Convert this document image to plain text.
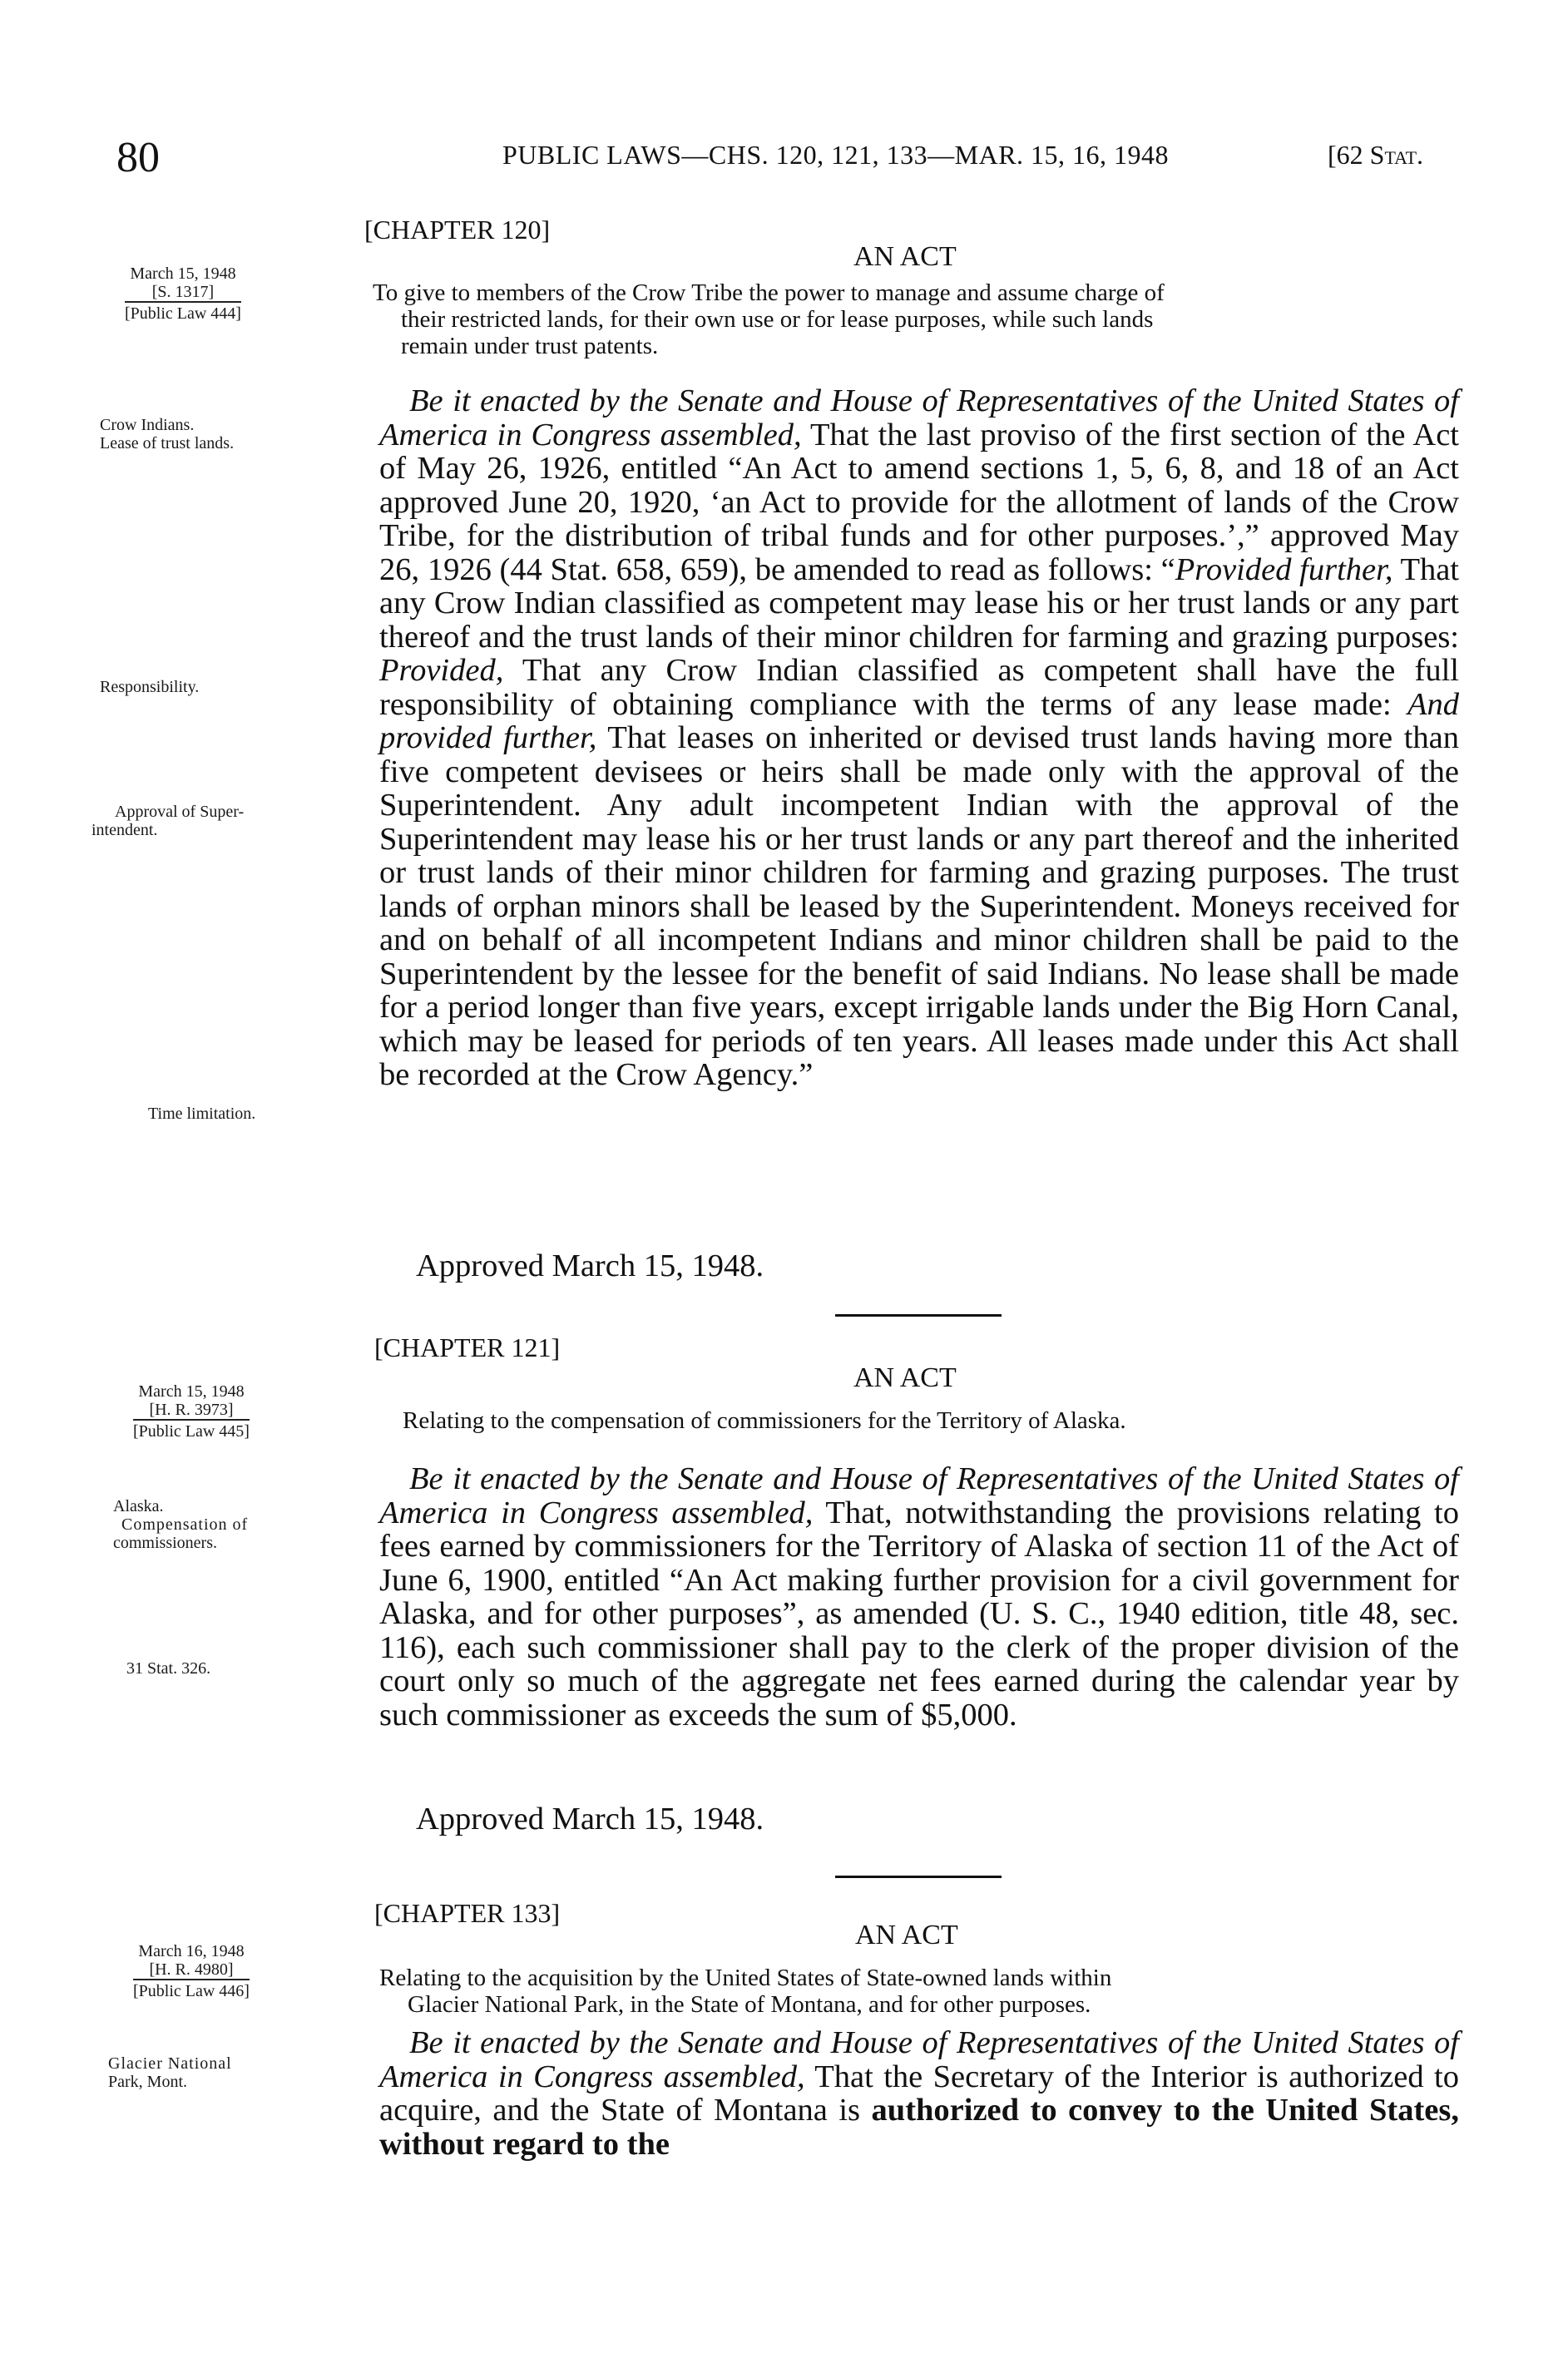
80	PUBLIC LAWS—CHS. 120, 121, 133—MAR. 15, 16, 1948	[62 Stat.
[CHAPTER 120]
AN ACT
March 15, 1948
[S. 1317]
[Public Law 444]
To give to members of the Crow Tribe the power to manage and assume charge of
their restricted lands, for their own use or for lease purposes, while such lands
remain under trust patents.
Crow Indians.
Lease of trust lands.
Responsibility.
Approval of Super-
intendent.
Time limitation.
Be it enacted by the Senate and House of Representatives of the United States of America in Congress assembled, That the last proviso of the first section of the Act of May 26, 1926, entitled “An Act to amend sections 1, 5, 6, 8, and 18 of an Act approved June 20, 1920, ‘an Act to provide for the allotment of lands of the Crow Tribe, for the distribution of tribal funds and for other purposes.’,” approved May 26, 1926 (44 Stat. 658, 659), be amended to read as follows: “Provided further, That any Crow Indian classified as competent may lease his or her trust lands or any part thereof and the trust lands of their minor children for farming and grazing purposes: Provided, That any Crow Indian classified as competent shall have the full responsibility of obtaining compliance with the terms of any lease made: And provided further, That leases on inherited or devised trust lands having more than five competent devisees or heirs shall be made only with the approval of the Superintendent. Any adult incompetent Indian with the approval of the Superintendent may lease his or her trust lands or any part thereof and the inherited or trust lands of their minor children for farming and grazing purposes. The trust lands of orphan minors shall be leased by the Superintendent. Moneys received for and on behalf of all incompetent Indians and minor children shall be paid to the Superintendent by the lessee for the benefit of said Indians. No lease shall be made for a period longer than five years, except irrigable lands under the Big Horn Canal, which may be leased for periods of ten years. All leases made under this Act shall be recorded at the Crow Agency.”
Approved March 15, 1948.
[CHAPTER 121]
AN ACT
March 15, 1948
[H. R. 3973]
[Public Law 445]	Relating to the compensation of commissioners for the Territory of Alaska.
Alaska.
Compensation of
commissioners.
31 Stat. 326.
Be it enacted by the Senate and House of Representatives of the United States of America in Congress assembled, That, notwithstanding the provisions relating to fees earned by commissioners for the Territory of Alaska of section 11 of the Act of June 6, 1900, entitled “An Act making further provision for a civil government for Alaska, and for other purposes”, as amended (U. S. C., 1940 edition, title 48, sec. 116), each such commissioner shall pay to the clerk of the proper division of the court only so much of the aggregate net fees earned during the calendar year by such commissioner as exceeds the sum of $5,000.
Approved March 15, 1948.
[CHAPTER 133]
AN ACT
March 16, 1948
[H. R. 4980]
[Public Law 446]	Relating to the acquisition by the United States of State-owned lands within
Glacier National Park, in the State of Montana, and for other purposes.
Glacier National
Park, Mont.
Be it enacted by the Senate and House of Representatives of the United States of America in Congress assembled, That the Secretary of the Interior is authorized to acquire, and the State of Montana is authorized to convey to the United States, without regard to the
